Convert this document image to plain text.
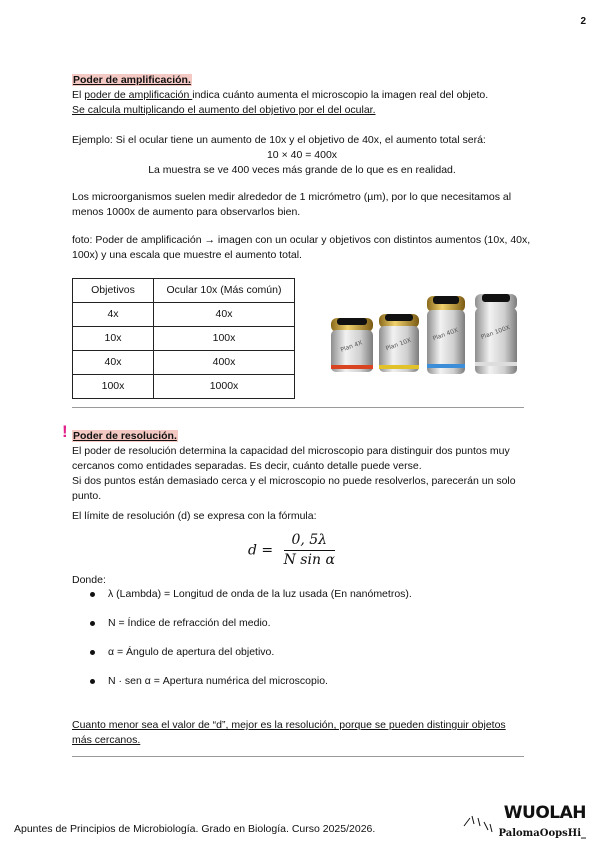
2
Poder de amplificación.

El poder de amplificación indica cuánto aumenta el microscopio la imagen real del objeto.

Se calcula multiplicando el aumento del objetivo por el del ocular.

Ejemplo: Si el ocular tiene un aumento de 10x y el objetivo de 40x, el aumento total será:

10 × 40 = 400x

La muestra se ve 400 veces más grande de lo que es en realidad.

Los microorganismos suelen medir alrededor de 1 micrómetro (µm), por lo que necesitamos al menos 1000x de aumento para observarlos bien.

foto: Poder de amplificación → imagen con un ocular y objetivos con distintos aumentos (10x, 40x, 100x) y una escala que muestre el aumento total.

Objetivos	Ocular 10x (Más común)
4x	40x
10x	100x
40x	400x
100x	1000x
Plan 4X	Plan 10X
Plan 40X	Plan 100X
! Poder de resolución.

El poder de resolución determina la capacidad del microscopio para distinguir dos puntos muy cercanos como entidades separadas. Es decir, cuánto detalle puede verse.

Si dos puntos están demasiado cerca y el microscopio no puede resolverlos, parecerán un solo punto.

El límite de resolución (d) se expresa con la fórmula:

$d = \frac{0, 5\lambda}{\text{N sin α}}$

Donde:

λ (Lambda) = Longitud de onda de la luz usada (En nanómetros).
N = Índice de refracción del medio.
α = Ángulo de apertura del objetivo.
N · sen α = Apertura numérica del microscopio.

Cuanto menor sea el valor de “d”, mejor es la resolución, porque se pueden distinguir objetos más cercanos.

Apuntes de Principios de Microbiología. Grado en Biología. Curso 2025/2026.
WUOLAH
PalomaOopsHi_
